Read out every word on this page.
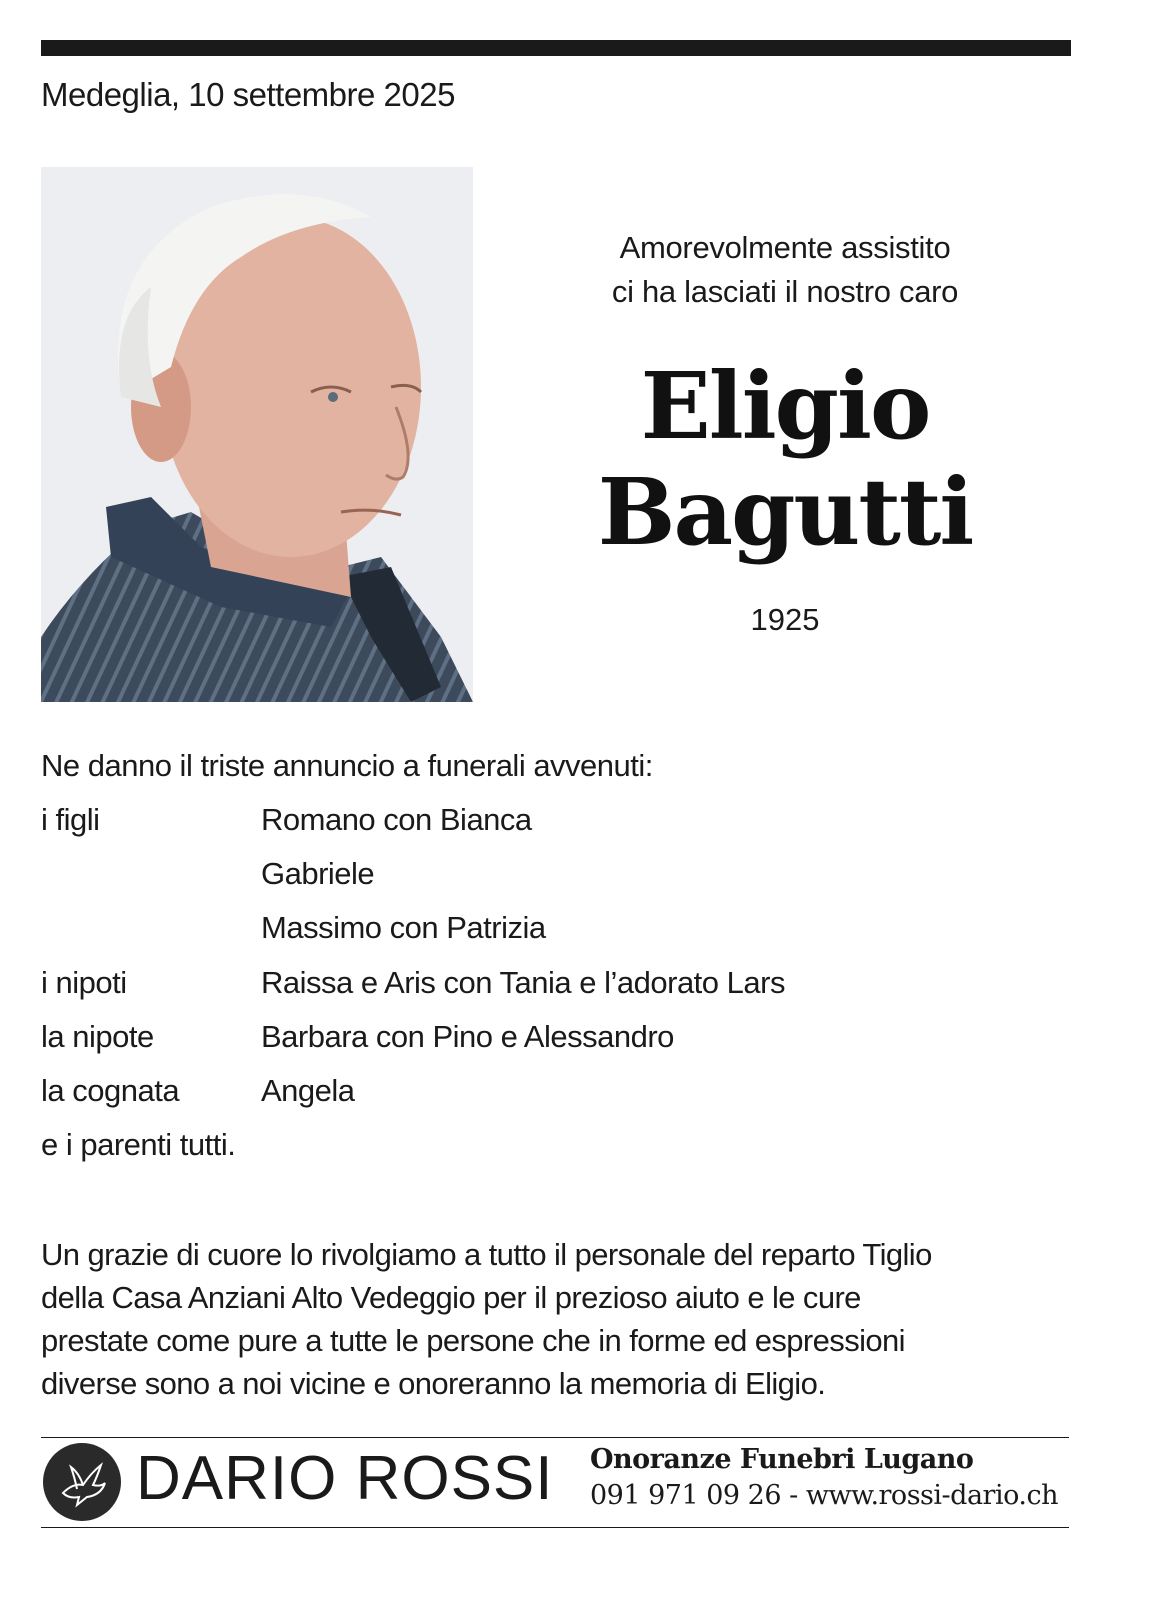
Medeglia, 10 settembre 2025
Amorevolmente assistito
ci ha lasciati il nostro caro
Eligio
Bagutti
1925
Ne danno il triste annuncio a funerali avvenuti:
i figli	Romano con Bianca
Gabriele
Massimo con Patrizia
i nipoti	Raissa e Aris con Tania e l’adorato Lars
la nipote	Barbara con Pino e Alessandro
la cognata	Angela
e i parenti tutti.
Un grazie di cuore lo rivolgiamo a tutto il personale del reparto Tiglio
della Casa Anziani Alto Vedeggio per il prezioso aiuto e le cure
prestate come pure a tutte le persone che in forme ed espressioni
diverse sono a noi vicine e onoreranno la memoria di Eligio.
DARIO ROSSI Onoranze Funebri Lugano
091 971 09 26 - www.rossi-dario.ch
